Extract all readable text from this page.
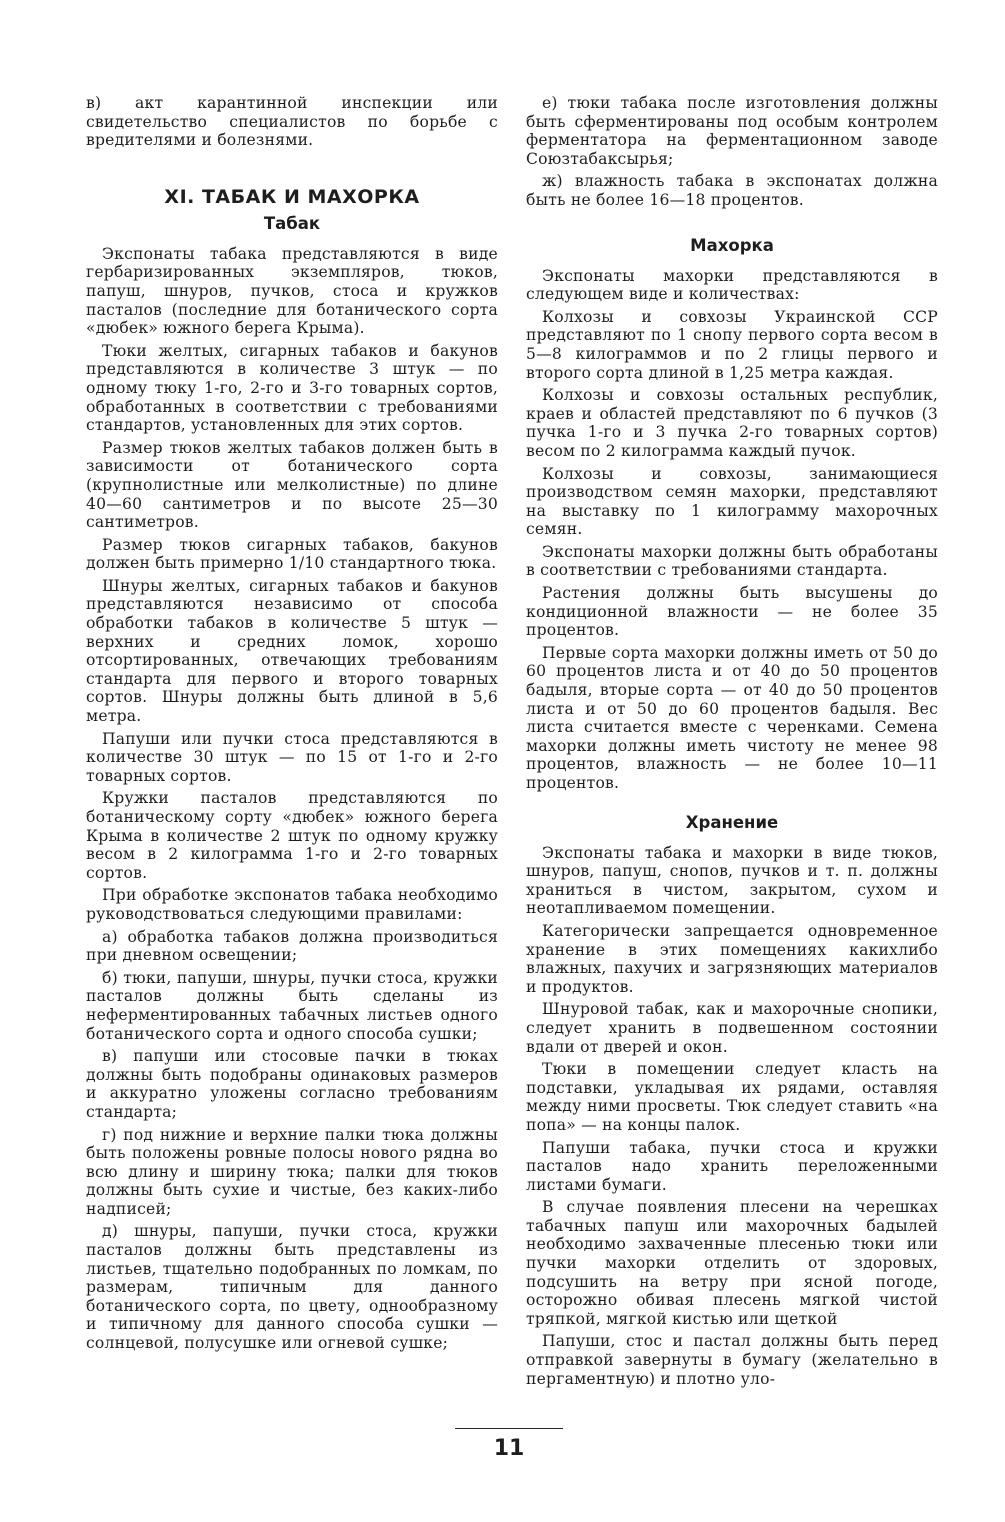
в) акт карантинной инспекции или свидетельство специалистов по борьбе с вредителями и болезнями.

XI. ТАБАК И МАХОРКА
Табак

Экспонаты табака представляются в виде гербаризированных экземпляров, тюков, папуш, шнуров, пучков, стоса и кружков пасталов (последние для ботанического сорта «дюбек» южного берега Крыма).

Тюки желтых, сигарных табаков и бакунов представляются в количестве 3 штук — по одному тюку 1-го, 2-го и 3-го товарных сортов, обработанных в соответствии с требованиями стандартов, установленных для этих сортов.

Размер тюков желтых табаков должен быть в зависимости от ботанического сорта (крупнолистные или мелколистные) по длине 40—60 сантиметров и по высоте 25—30 сантиметров.

Размер тюков сигарных табаков, бакунов должен быть примерно 1/10 стандартного тюка.

Шнуры желтых, сигарных табаков и бакунов представляются независимо от способа обработки табаков в количестве 5 штук — верхних и средних ломок, хорошо отсортированных, отвечающих требованиям стандарта для первого и второго товарных сортов. Шнуры должны быть длиной в 5,6 метра.

Папуши или пучки стоса представляются в количестве 30 штук — по 15 от 1-го и 2-го товарных сортов.

Кружки пасталов представляются по ботаническому сорту «дюбек» южного берега Крыма в количестве 2 штук по одному кружку весом в 2 килограмма 1-го и 2-го товарных сортов.

При обработке экспонатов табака необходимо руководствоваться следующими правилами:

а) обработка табаков должна производиться при дневном освещении;

б) тюки, папуши, шнуры, пучки стоса, кружки пасталов должны быть сделаны из неферментированных табачных листьев одного ботанического сорта и одного способа сушки;

в) папуши или стосовые пачки в тюках должны быть подобраны одинаковых размеров и аккуратно уложены согласно требованиям стандарта;

г) под нижние и верхние палки тюка должны быть положены ровные полосы нового рядна во всю длину и ширину тюка; палки для тюков должны быть сухие и чистые, без каких-либо надписей;

д) шнуры, папуши, пучки стоса, кружки пасталов должны быть представлены из листьев, тщательно подобранных по ломкам, по размерам, типичным для данного ботанического сорта, по цвету, однообразному и типичному для данного способа сушки — солнцевой, полусушке или огневой сушке;

е) тюки табака после изготовления должны быть сферментированы под особым контролем ферментатора на ферментационном заводе Союзтабаксырья;

ж) влажность табака в экспонатах должна быть не более 16—18 процентов.

Махорка

Экспонаты махорки представляются в следующем виде и количествах:

Колхозы и совхозы Украинской ССР представляют по 1 снопу первого сорта весом в 5—8 килограммов и по 2 глицы первого и второго сорта длиной в 1,25 метра каждая.

Колхозы и совхозы остальных республик, краев и областей представляют по 6 пучков (3 пучка 1-го и 3 пучка 2-го товарных сортов) весом по 2 килограмма каждый пучок.

Колхозы и совхозы, занимающиеся производством семян махорки, представляют на выставку по 1 килограмму махорочных семян.

Экспонаты махорки должны быть обработаны в соответствии с требованиями стандарта.

Растения должны быть высушены до кондиционной влажности — не более 35 процентов.

Первые сорта махорки должны иметь от 50 до 60 процентов листа и от 40 до 50 процентов бадыля, вторые сорта — от 40 до 50 процентов листа и от 50 до 60 процентов бадыля. Вес листа считается вместе с черенками. Семена махорки должны иметь чистоту не менее 98 процентов, влажность — не более 10—11 процентов.

Хранение

Экспонаты табака и махорки в виде тюков, шнуров, папуш, снопов, пучков и т. п. должны храниться в чистом, закрытом, сухом и неотапливаемом помещении.

Категорически запрещается одновременное хранение в этих помещениях какихлибо влажных, пахучих и загрязняющих материалов и продуктов.

Шнуровой табак, как и махорочные снопики, следует хранить в подвешенном состоянии вдали от дверей и окон.

Тюки в помещении следует класть на подставки, укладывая их рядами, оставляя между ними просветы. Тюк следует ставить «на попа» — на концы палок.

Папуши табака, пучки стоса и кружки пасталов надо хранить переложенными листами бумаги.

В случае появления плесени на черешках табачных папуш или махорочных бадылей необходимо захваченные плесенью тюки или пучки махорки отделить от здоровых, подсушить на ветру при ясной погоде, осторожно обивая плесень мягкой чистой тряпкой, мягкой кистью или щеткой

Папуши, стос и пастал должны быть перед отправкой завернуты в бумагу (желательно в пергаментную) и плотно уло-

11
